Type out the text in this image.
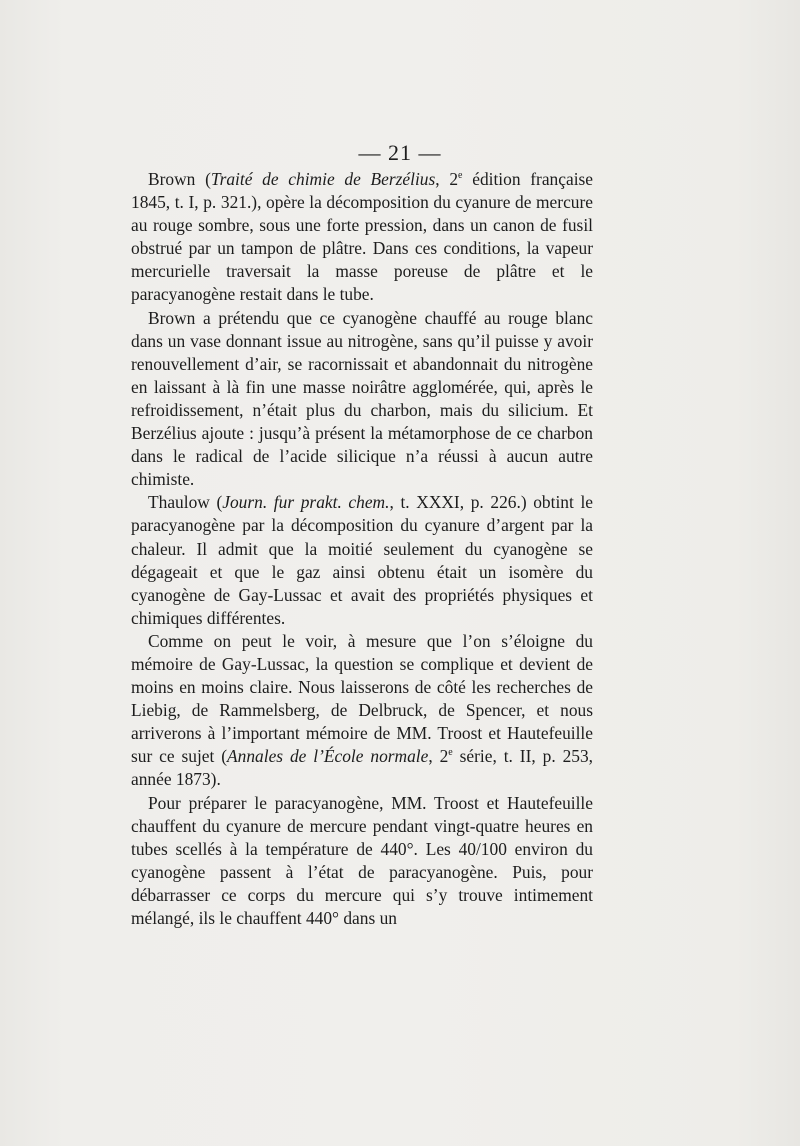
— 21 —

Brown (Traité de chimie de Berzélius, 2e édition française 1845, t. I, p. 321.), opère la décomposition du cyanure de mercure au rouge sombre, sous une forte pression, dans un canon de fusil obstrué par un tampon de plâtre. Dans ces conditions, la vapeur mercurielle traversait la masse poreuse de plâtre et le paracyanogène restait dans le tube.

Brown a prétendu que ce cyanogène chauffé au rouge blanc dans un vase donnant issue au nitrogène, sans qu’il puisse y avoir renouvellement d’air, se racornissait et abandonnait du nitrogène en laissant à là fin une masse noirâtre agglomérée, qui, après le refroidissement, n’était plus du charbon, mais du silicium. Et Berzélius ajoute : jusqu’à présent la métamorphose de ce charbon dans le radical de l’acide silicique n’a réussi à aucun autre chimiste.

Thaulow (Journ. fur prakt. chem., t. XXXI, p. 226.) obtint le paracyanogène par la décomposition du cyanure d’argent par la chaleur. Il admit que la moitié seulement du cyanogène se dégageait et que le gaz ainsi obtenu était un isomère du cyanogène de Gay-Lussac et avait des propriétés physiques et chimiques différentes.

Comme on peut le voir, à mesure que l’on s’éloigne du mémoire de Gay-Lussac, la question se complique et devient de moins en moins claire. Nous laisserons de côté les recherches de Liebig, de Rammelsberg, de Delbruck, de Spencer, et nous arriverons à l’important mémoire de MM. Troost et Hautefeuille sur ce sujet (Annales de l’École normale, 2e série, t. II, p. 253, année 1873).

Pour préparer le paracyanogène, MM. Troost et Hautefeuille chauffent du cyanure de mercure pendant vingt-quatre heures en tubes scellés à la température de 440°. Les 40/100 environ du cyanogène passent à l’état de paracyanogène. Puis, pour débarrasser ce corps du mercure qui s’y trouve intimement mélangé, ils le chauffent 440° dans un
